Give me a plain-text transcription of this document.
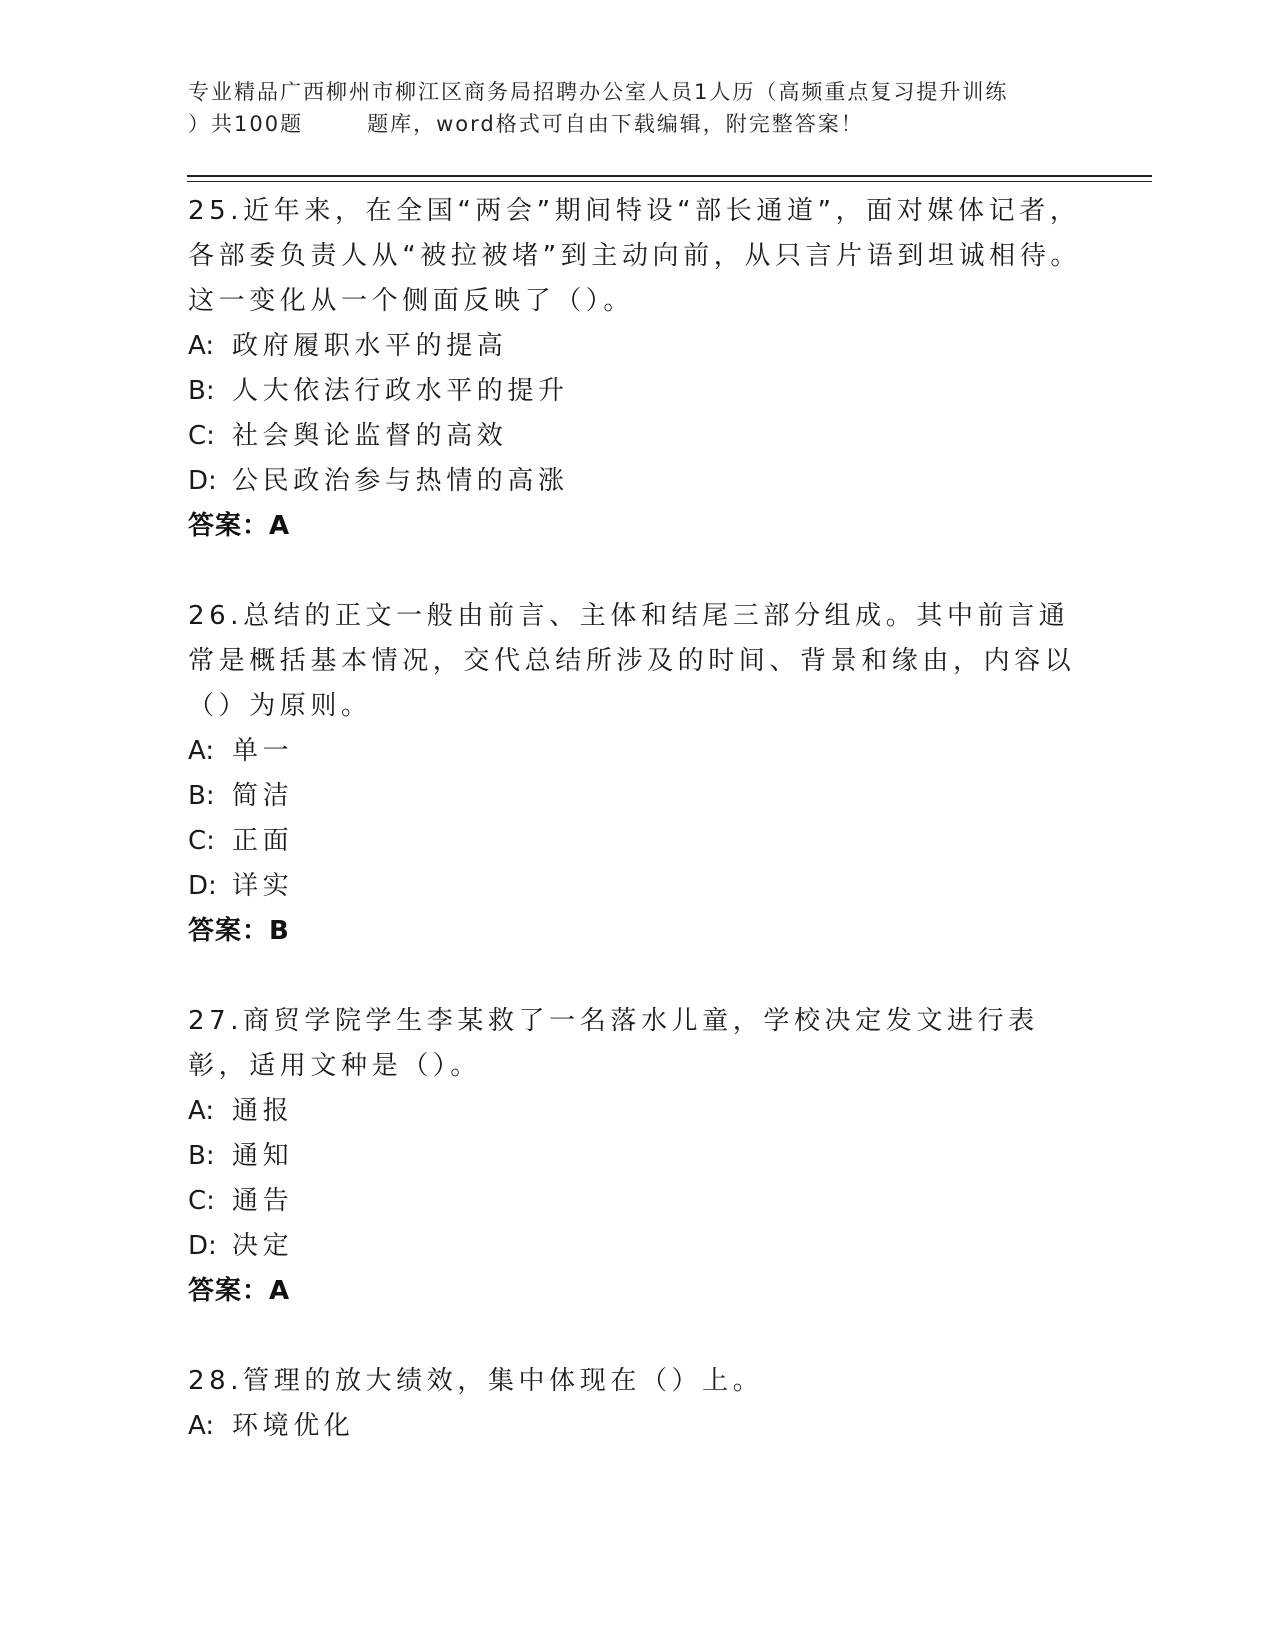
专业精品广西柳州市柳江区商务局招聘办公室人员1人历（高频重点复习提升训练
）共100题	题库，word格式可自由下载编辑，附完整答案！

25.近年来，在全国“两会”期间特设“部长通道”，面对媒体记者，各部委负责人从“被拉被堵”到主动向前，从只言片语到坦诚相待。这一变化从一个侧面反映了（）。

A: 政府履职水平的提高
B: 人大依法行政水平的提升
C: 社会舆论监督的高效
D: 公民政治参与热情的高涨
答案：A

26.总结的正文一般由前言、主体和结尾三部分组成。其中前言通常是概括基本情况，交代总结所涉及的时间、背景和缘由，内容以（）为原则。

A: 单一
B: 简洁
C: 正面
D: 详实
答案：B

27.商贸学院学生李某救了一名落水儿童，学校决定发文进行表彰，适用文种是（）。

A: 通报
B: 通知
C: 通告
D: 决定
答案：A

28.管理的放大绩效，集中体现在（）上。

A: 环境优化
